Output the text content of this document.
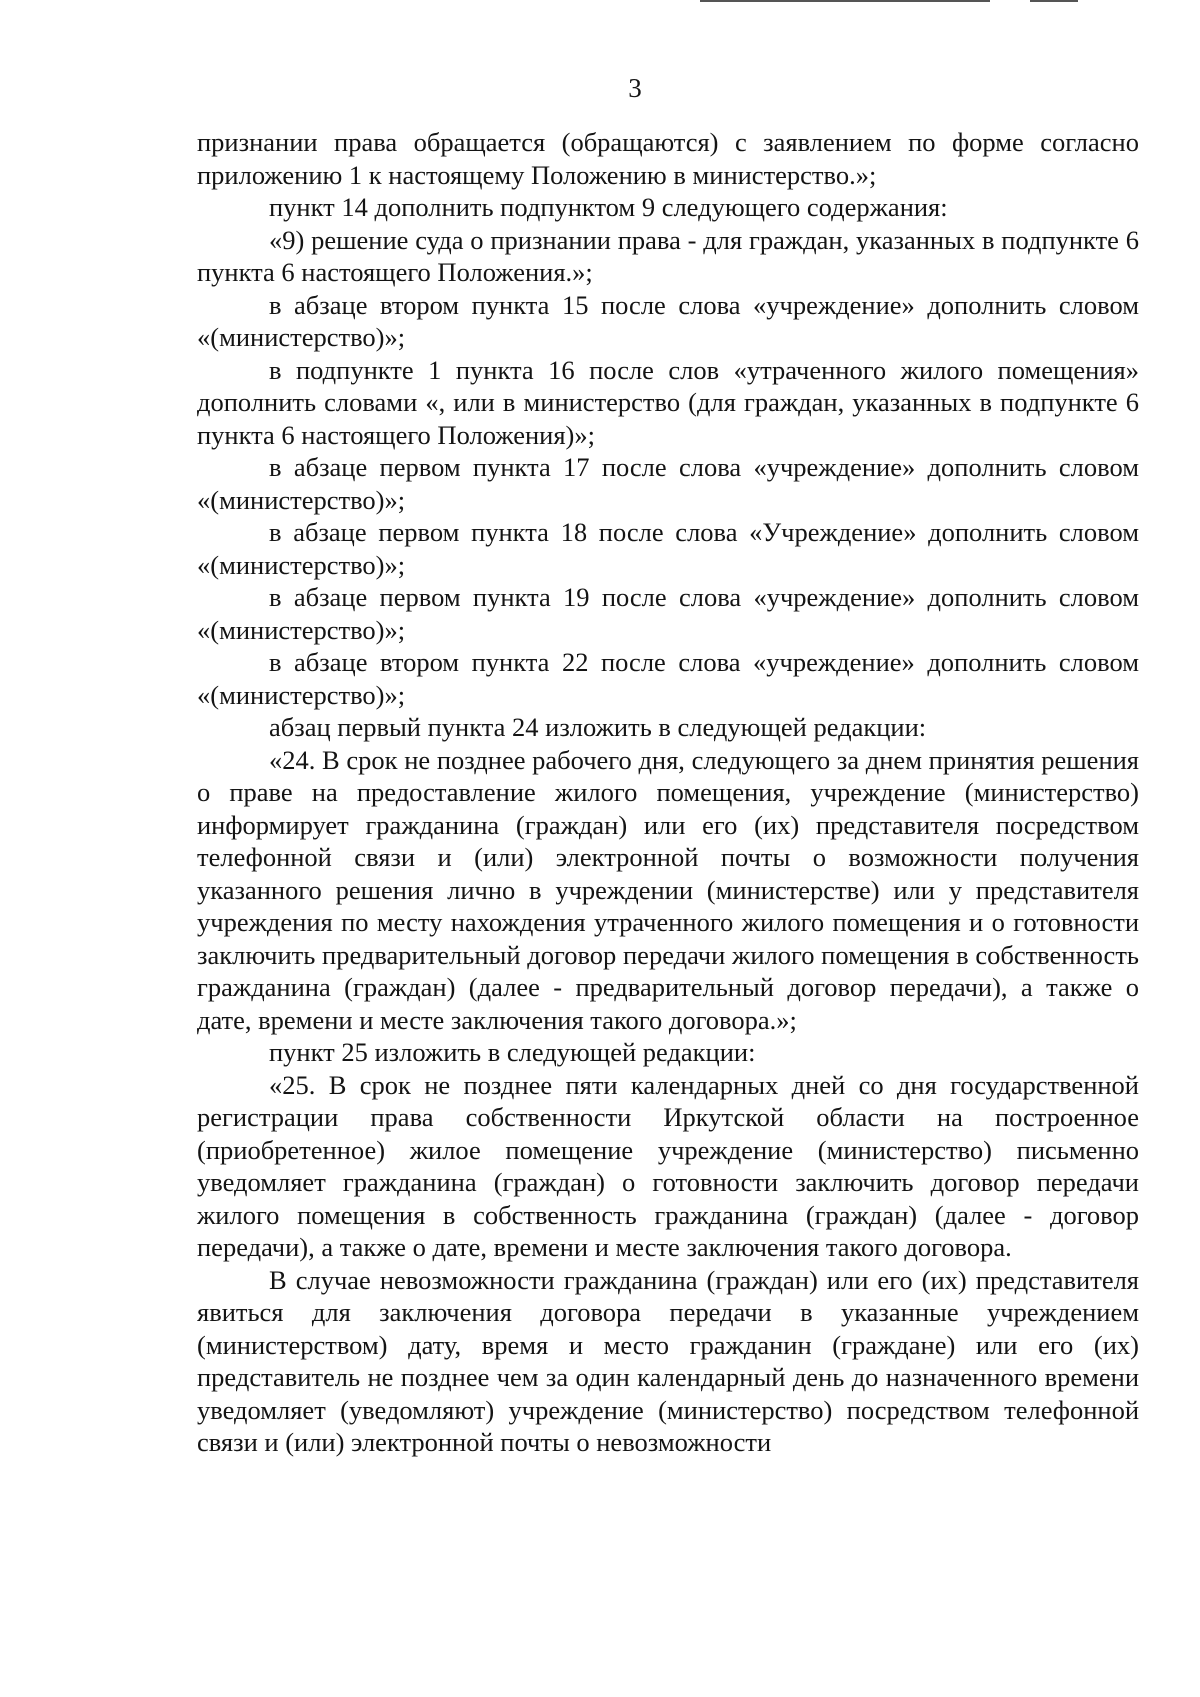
3

признании права обращается (обращаются) с заявлением по форме согласно приложению 1 к настоящему Положению в министерство.»;

пункт 14 дополнить подпунктом 9 следующего содержания:

«9) решение суда о признании права - для граждан, указанных в подпункте 6 пункта 6 настоящего Положения.»;

в абзаце втором пункта 15 после слова «учреждение» дополнить словом «(министерство)»;

в подпункте 1 пункта 16 после слов «утраченного жилого помещения» дополнить словами «, или в министерство (для граждан, указанных в подпункте 6 пункта 6 настоящего Положения)»;

в абзаце первом пункта 17 после слова «учреждение» дополнить словом «(министерство)»;

в абзаце первом пункта 18 после слова «Учреждение» дополнить словом «(министерство)»;

в абзаце первом пункта 19 после слова «учреждение» дополнить словом «(министерство)»;

в абзаце втором пункта 22 после слова «учреждение» дополнить словом «(министерство)»;

абзац первый пункта 24 изложить в следующей редакции:

«24. В срок не позднее рабочего дня, следующего за днем принятия решения о праве на предоставление жилого помещения, учреждение (министерство) информирует гражданина (граждан) или его (их) представителя посредством телефонной связи и (или) электронной почты о возможности получения указанного решения лично в учреждении (министерстве) или у представителя учреждения по месту нахождения утраченного жилого помещения и о готовности заключить предварительный договор передачи жилого помещения в собственность гражданина (граждан) (далее - предварительный договор передачи), а также о дате, времени и месте заключения такого договора.»;

пункт 25 изложить в следующей редакции:

«25. В срок не позднее пяти календарных дней со дня государственной регистрации права собственности Иркутской области на построенное (приобретенное) жилое помещение учреждение (министерство) письменно уведомляет гражданина (граждан) о готовности заключить договор передачи жилого помещения в собственность гражданина (граждан) (далее - договор передачи), а также о дате, времени и месте заключения такого договора.

В случае невозможности гражданина (граждан) или его (их) представителя явиться для заключения договора передачи в указанные учреждением (министерством) дату, время и место гражданин (граждане) или его (их) представитель не позднее чем за один календарный день до назначенного времени уведомляет (уведомляют) учреждение (министерство) посредством телефонной связи и (или) электронной почты о невозможности
